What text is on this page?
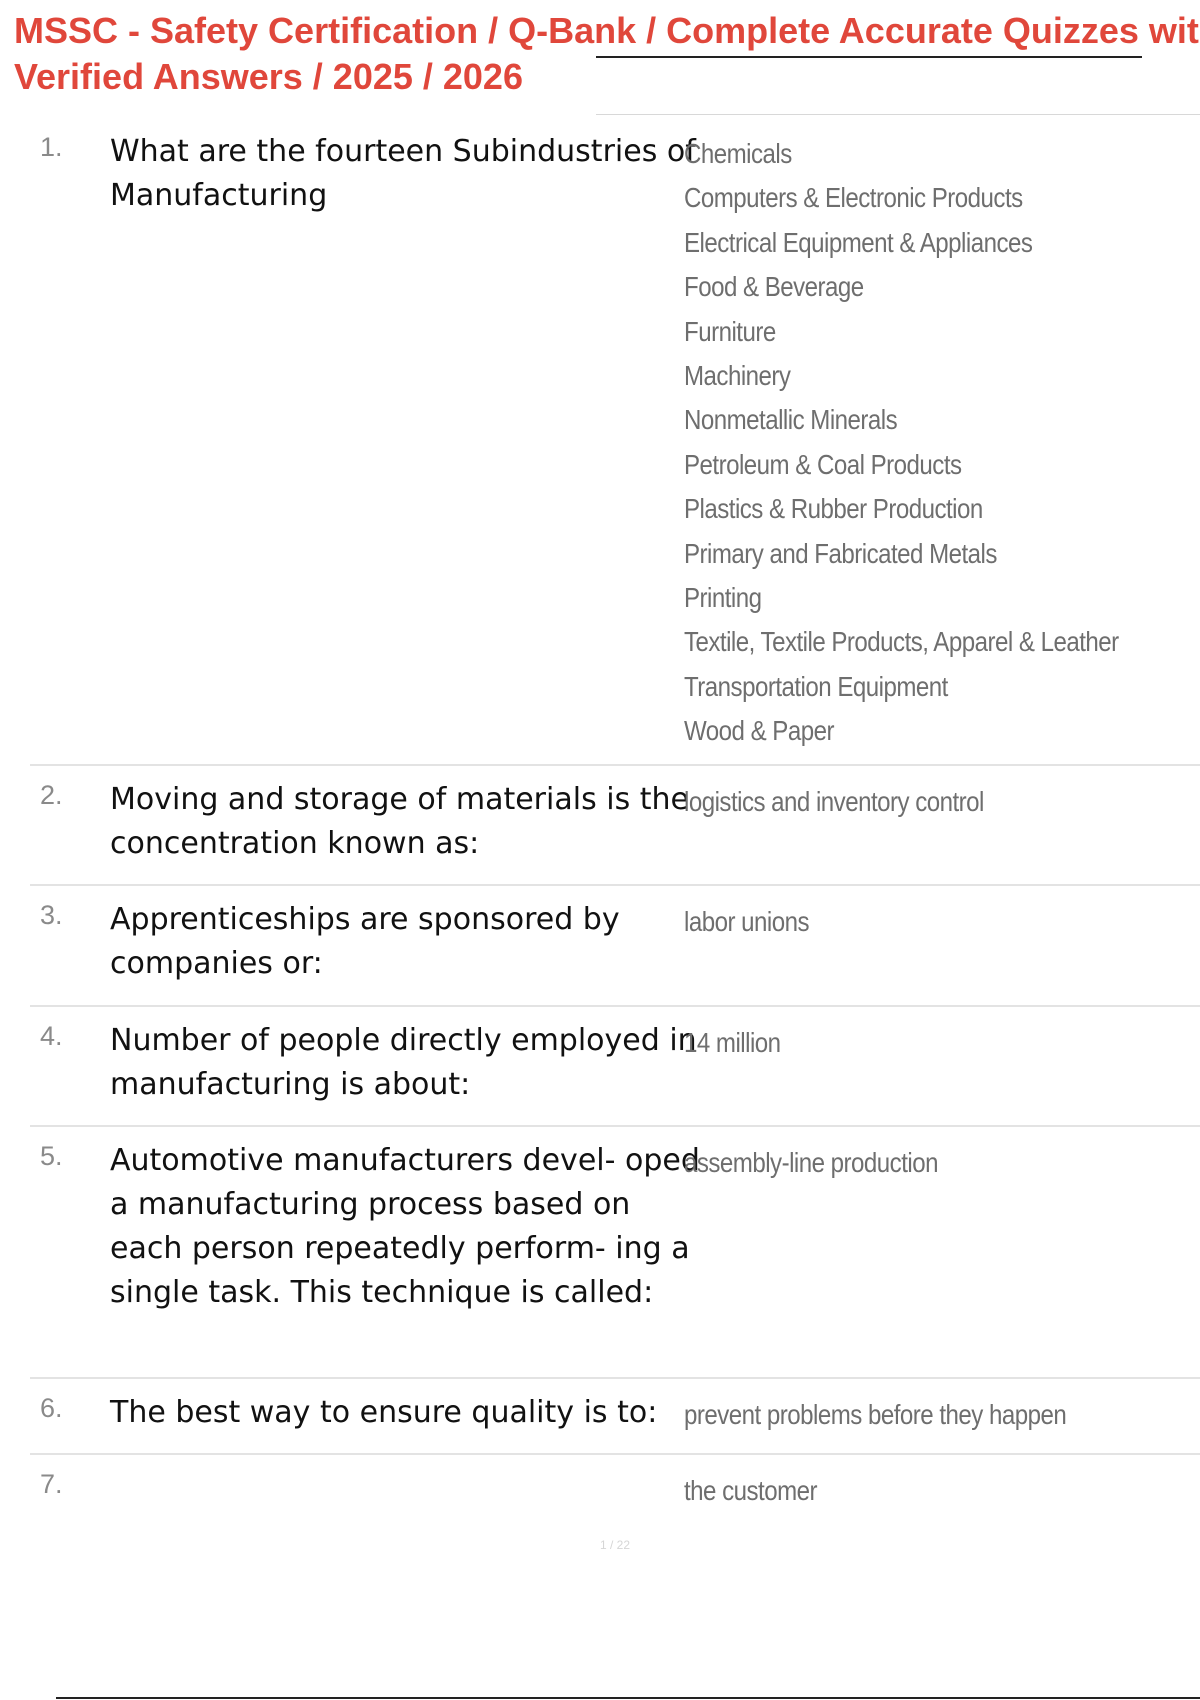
MSSC - Safety Certification / Q-Bank / Complete Accurate Quizzes wit
Verified Answers / 2025 / 2026
1. What are the fourteen Subindustries of Manufacturing
Chemicals
Computers & Electronic Products
Electrical Equipment & Appliances
Food & Beverage
Furniture
Machinery
Nonmetallic Minerals
Petroleum & Coal Products
Plastics & Rubber Production
Primary and Fabricated Metals
Printing
Textile, Textile Products, Apparel & Leather
Transportation Equipment
Wood & Paper
2. Moving and storage of materials is the concentration known as:
logistics and inventory control
3. Apprenticeships are sponsored by companies or:
labor unions
4. Number of people directly employed in manufacturing is about:
14 million
5. Automotive manufacturers devel- oped a manufacturing process based on each person repeatedly perform- ing a single task. This technique is called:
assembly-line production
6. The best way to ensure quality is to: prevent problems before they happen
7.	the customer
1 / 22
